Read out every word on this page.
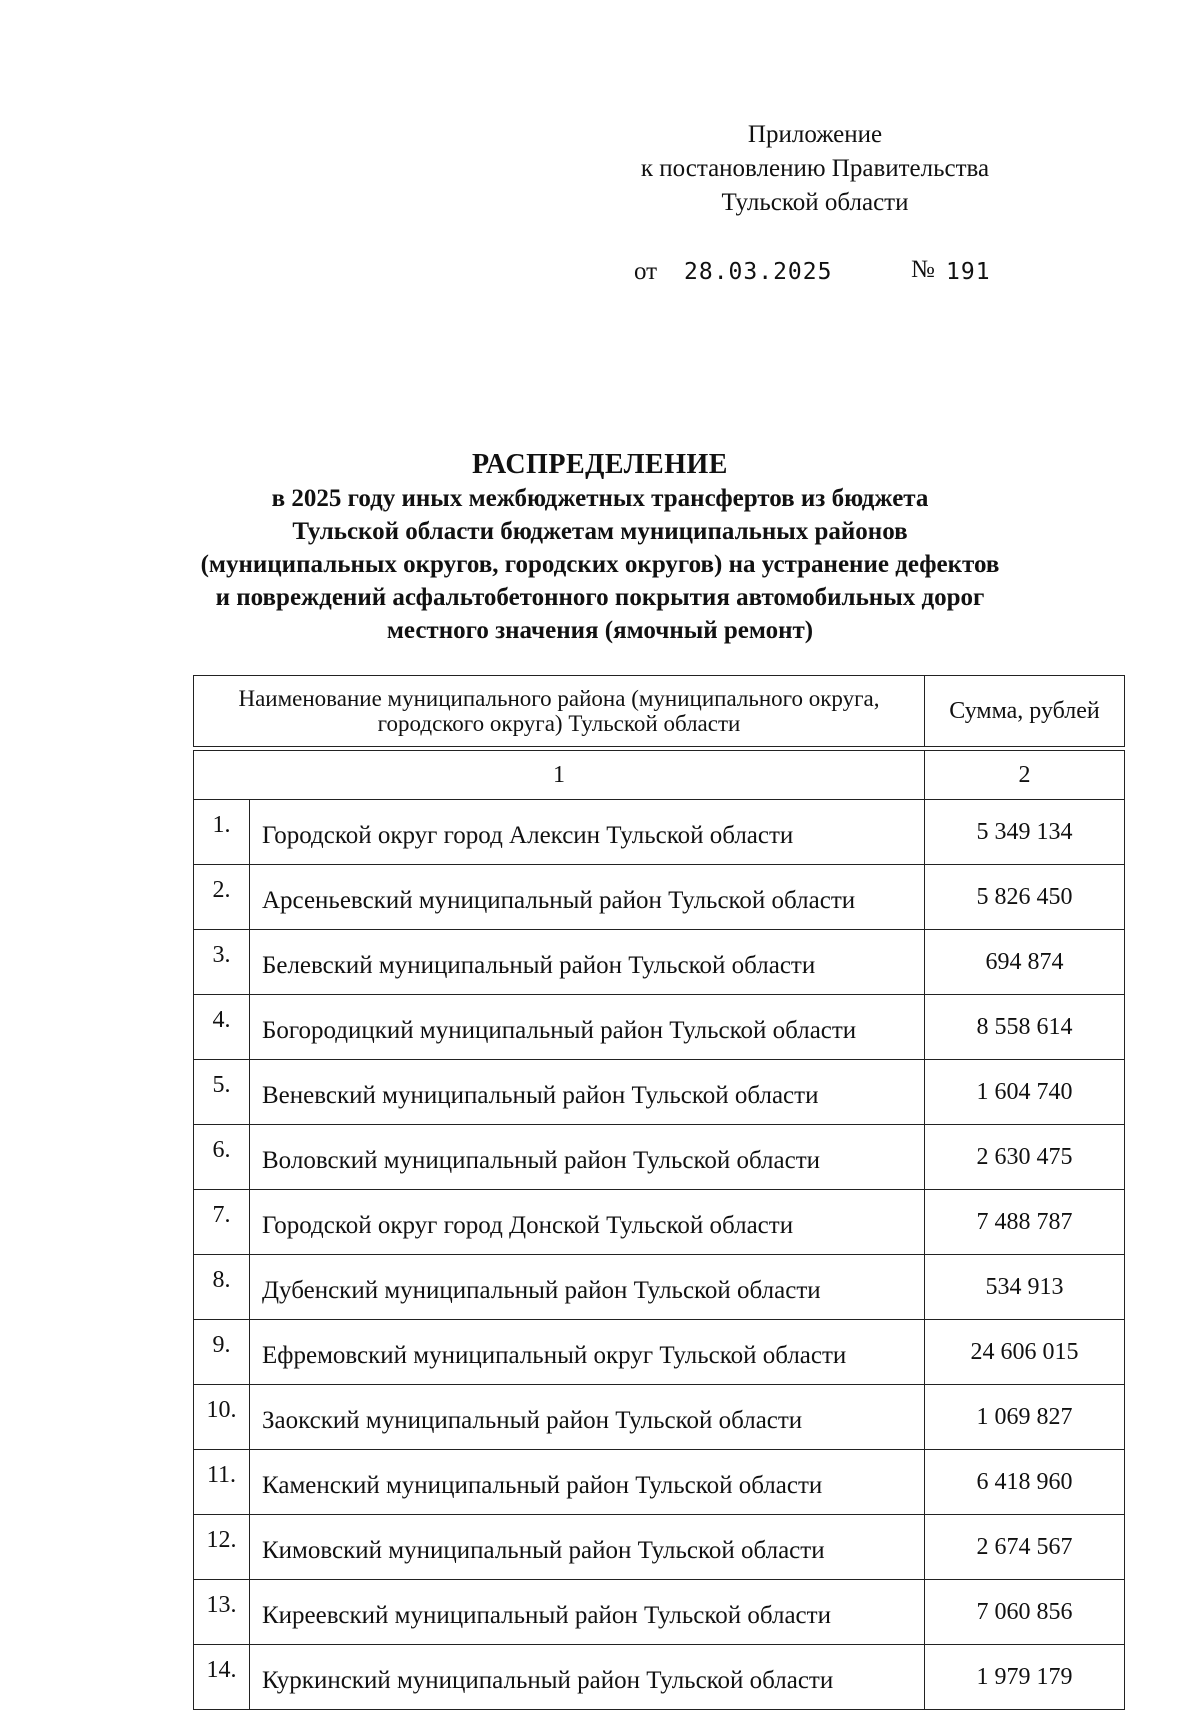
Приложение
к постановлению Правительства
Тульской области
от 28.03.2025	№ 191
РАСПРЕДЕЛЕНИЕ
в 2025 году иных межбюджетных трансфертов из бюджета
Тульской области бюджетам муниципальных районов
(муниципальных округов, городских округов) на устранение дефектов
и повреждений асфальтобетонного покрытия автомобильных дорог
местного значения (ямочный ремонт)
Наименование муниципального района (муниципального округа, городского округа) Тульской области		Сумма, рублей

1		2
1.	Городской округ город Алексин Тульской области	5 349 134
2.	Арсеньевский муниципальный район Тульской области	5 826 450
3.	Белевский муниципальный район Тульской области	694 874
4.	Богородицкий муниципальный район Тульской области	8 558 614
5.	Веневский муниципальный район Тульской области	1 604 740
6.	Воловский муниципальный район Тульской области	2 630 475
7.	Городской округ город Донской Тульской области	7 488 787
8.	Дубенский муниципальный район Тульской области	534 913
9.	Ефремовский муниципальный округ Тульской области	24 606 015
10.	Заокский муниципальный район Тульской области	1 069 827
11.	Каменский муниципальный район Тульской области	6 418 960
12.	Кимовский муниципальный район Тульской области	2 674 567
13.	Киреевский муниципальный район Тульской области	7 060 856
14.	Куркинский муниципальный район Тульской области	1 979 179
